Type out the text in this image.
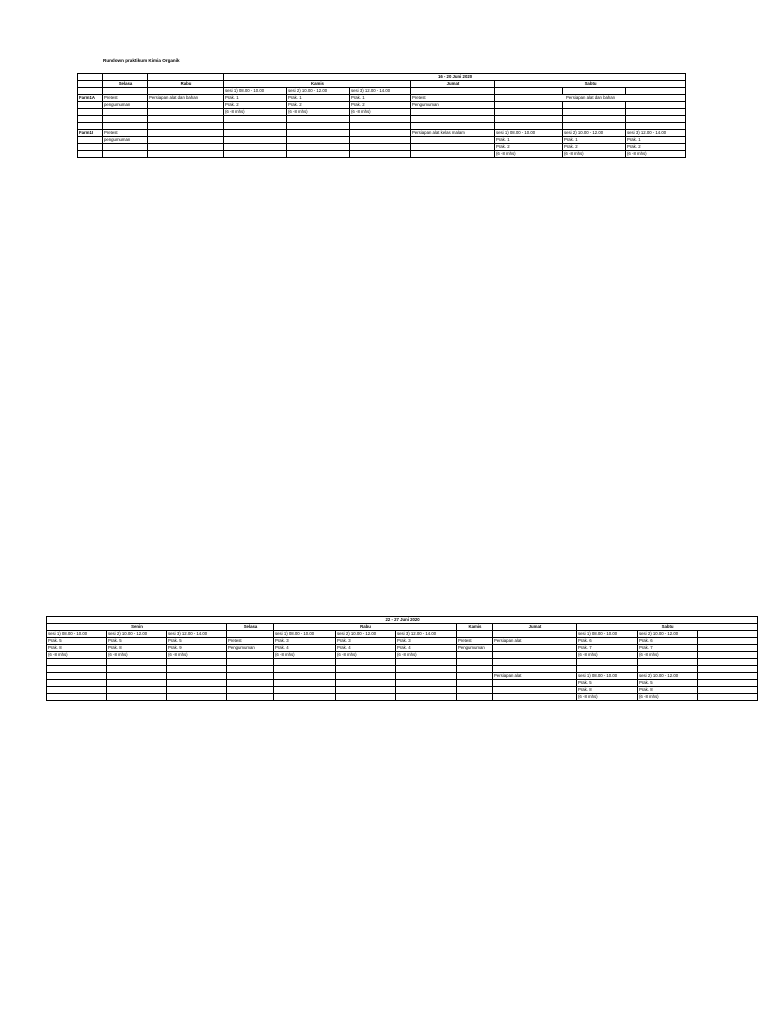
Rundown praktikum Kimia Organik
			16 - 20 Juni 2020						
	Selasa	Rabu	Kamis			Jumat	Sabtu		
			sesi 1) 08.00 - 10.00	sesi 2) 10.00 - 12.00	sesi 3) 12.00 - 14.00				
Farm1A	Pretest	Persiapan alat dan bahan	Prak. 1	Prak. 1	Prak. 1	Pretest	Persiapan alat dan bahan		
	pengumuman		Prak. 2	Prak. 2	Prak. 2	Pengumuman			
			(6 -8 mhs)	(6 -8 mhs)	(6 -8 mhs)				

Farm1I	Pretest					Persiapan alat kelas malam	sesi 1) 08.00 - 10.00	sesi 2) 10.00 - 12.00	sesi 3) 12.00 - 14.00
	pengumuman						Prak. 1	Prak. 1	Prak. 1
							Prak. 2	Prak. 2	Prak. 2
							(6 -8 mhs)	(6 -8 mhs)	(6 -8 mhs)
22 - 27 Juni 2020											
Senin			Selasa	Rabu			Kamis	Jumat	Sabtu		
sesi 1) 08.00 - 10.00	sesi 2) 10.00 - 12.00	sesi 3) 12.00 - 14.00		sesi 1) 08.00 - 10.00	sesi 2) 10.00 - 12.00	sesi 3) 12.00 - 14.00			sesi 1) 08.00 - 10.00	sesi 2) 10.00 - 12.00	
Prak. 5	Prak. 5	Prak. 5	Pretest	Prak. 3	Prak. 3	Prak. 3	Pretest	Persiapan alat	Prak. 6	Prak. 6	
Prak. 8	Prak. 8	Prak. 9	Pengumuman	Prak. 4	Prak. 4	Prak. 4	Pengumuman		Prak. 7	Prak. 7	
(6 -8 mhs)	(6 -8 mhs)	(6 -8 mhs)		(6 -8 mhs)	(6 -8 mhs)	(6 -8 mhs)			(6 -8 mhs)	(6 -8 mhs)	

								Persiapan alat	sesi 1) 08.00 - 10.00	sesi 2) 10.00 - 12.00	
									Prak. 5	Prak. 5	
									Prak. 8	Prak. 8	
									(6 -8 mhs)	(6 -8 mhs)	
